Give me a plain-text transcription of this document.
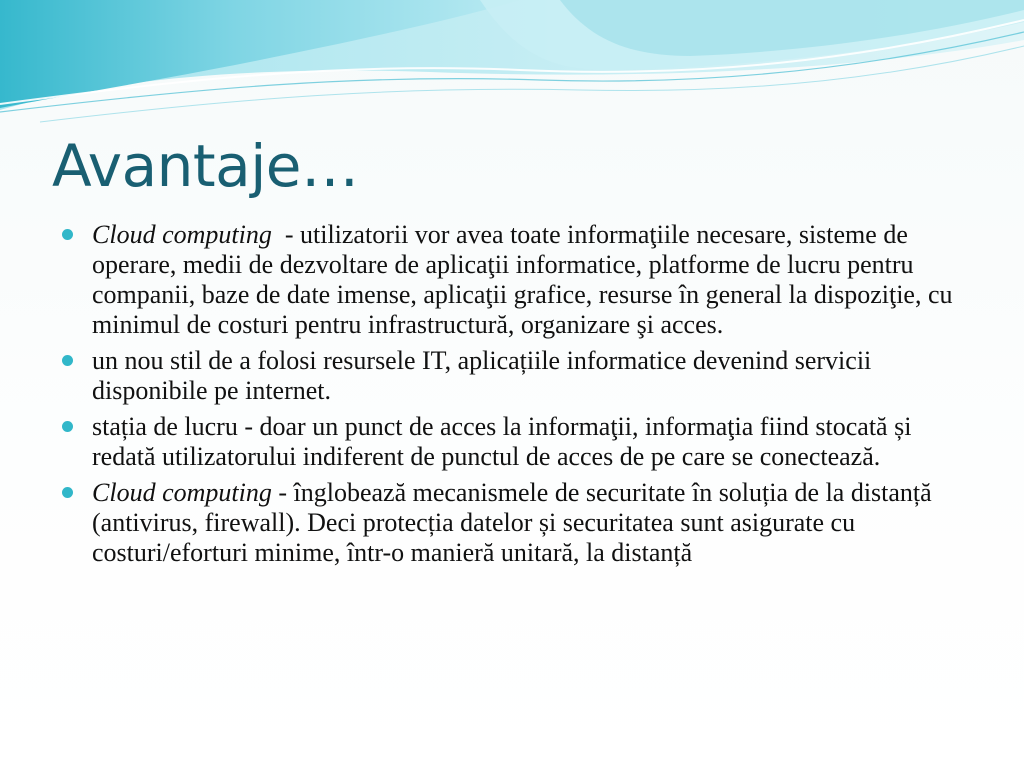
Avantaje…
Cloud computing  - utilizatorii vor avea toate informaţiile necesare, sisteme de operare, medii de dezvoltare de aplicaţii informatice, platforme de lucru pentru companii, baze de date imense, aplicaţii grafice, resurse în general la dispoziţie, cu minimul de costuri pentru infrastructură, organizare şi acces.
un nou stil de a folosi resursele IT, aplicațiile informatice devenind servicii disponibile pe internet.
stația de lucru - doar un punct de acces la informaţii, informaţia fiind stocată și redată utilizatorului indiferent de punctul de acces de pe care se conectează.
Cloud computing - înglobează mecanismele de securitate în soluția de la distanță (antivirus, firewall). Deci protecția datelor și securitatea sunt asigurate cu costuri/eforturi minime, într-o manieră unitară, la distanță
